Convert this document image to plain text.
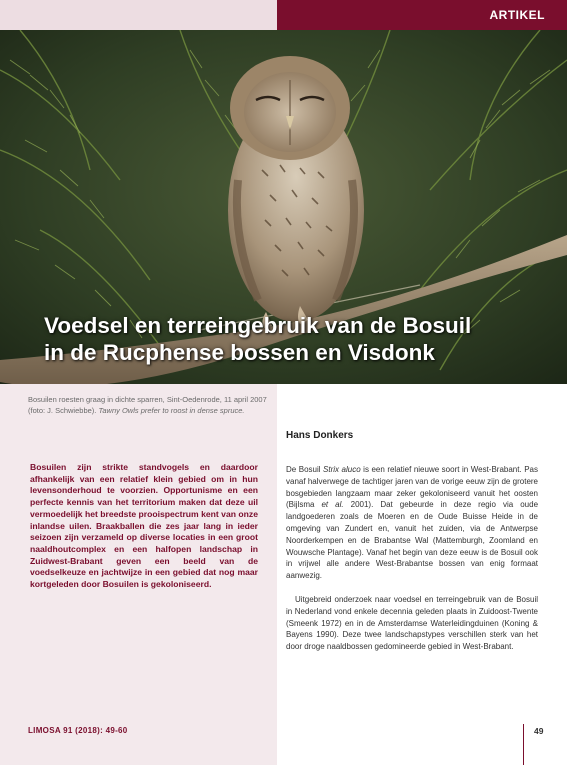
ARTIKEL
Voedsel en terreingebruik van de Bosuil
in de Rucphense bossen en Visdonk

Bosuilen roesten graag in dichte sparren, Sint-Oedenrode, 11 april 2007 (foto: J. Schwiebbe). Tawny Owls prefer to roost in dense spruce.

Hans Donkers

Bosuilen zijn strikte standvogels en daardoor afhankelijk van een relatief klein gebied om in hun levensonderhoud te voorzien. Opportunisme en een perfecte kennis van het territorium maken dat deze uil vermoedelijk het breedste prooispectrum kent van onze inlandse uilen. Braakballen die zes jaar lang in ieder seizoen zijn verzameld op diverse locaties in een groot naaldhoutcomplex en een halfopen landschap in Zuidwest-Brabant geven een beeld van de voedselkeuze en jachtwijze in een gebied dat nog maar kortgeleden door Bosuilen is gekoloniseerd.

De Bosuil Strix aluco is een relatief nieuwe soort in West-Brabant. Pas vanaf halverwege de tachtiger jaren van de vorige eeuw zijn de grotere bosgebieden langzaam maar zeker gekoloniseerd vanuit het oosten (Bijlsma et al. 2001). Dat gebeurde in deze regio via oude landgoederen zoals de Moeren en de Oude Buisse Heide in de omgeving van Zundert en, vanuit het zuiden, via de Antwerpse Noorderkempen en de Brabantse Wal (Mattemburgh, Zoomland en Wouwsche Plantage). Vanaf het begin van deze eeuw is de Bosuil ook in vrijwel alle andere West-Brabantse bossen van enig formaat aanwezig.

Uitgebreid onderzoek naar voedsel en terreingebruik van de Bosuil in Nederland vond enkele decennia geleden plaats in Zuidoost-Twente (Smeenk 1972) en in de Amsterdamse Waterleidingduinen (Koning & Bayens 1990). Deze twee landschapstypes verschillen sterk van het door droge naaldbossen gedomineerde gebied in West-Brabant.

LIMOSA 91 (2018): 49-60	49
